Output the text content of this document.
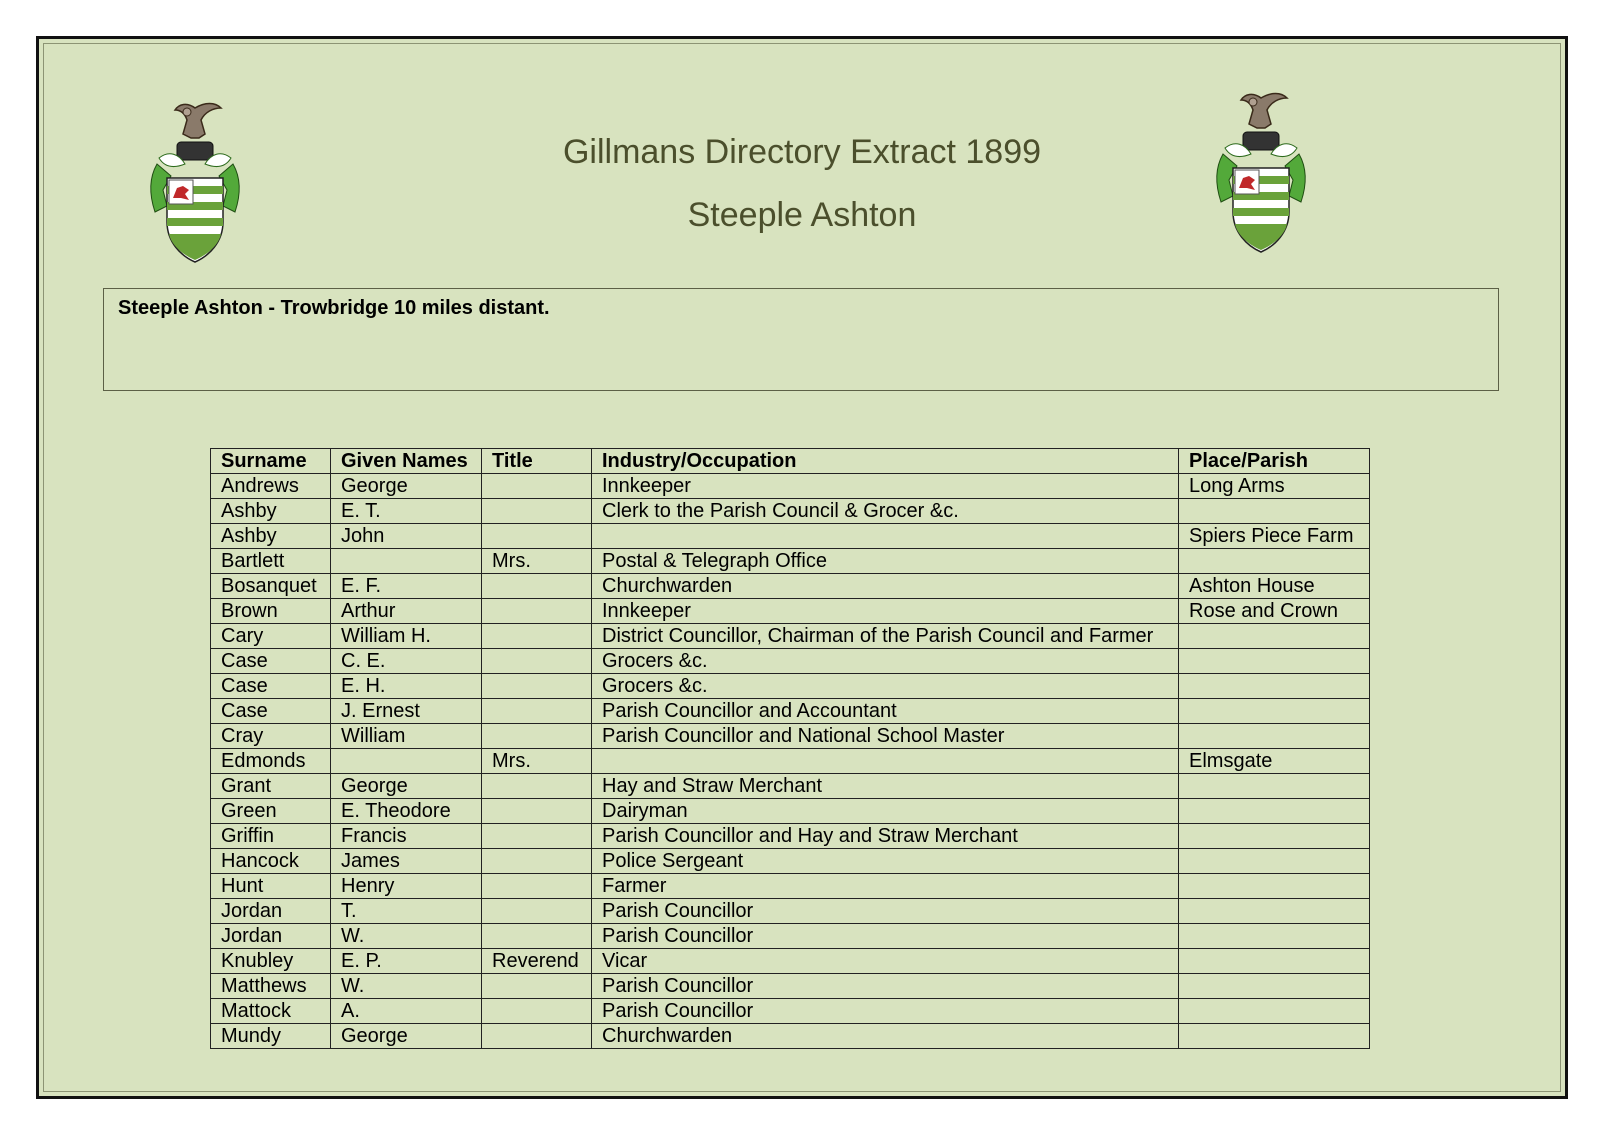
Gillmans Directory Extract 1899
Steeple Ashton
Steeple Ashton - Trowbridge 10 miles distant.
Surname	Given Names	Title	Industry/Occupation	Place/Parish
Andrews	George		Innkeeper	Long Arms
Ashby	E. T.		Clerk to the Parish Council & Grocer &c.	
Ashby	John			Spiers Piece Farm
Bartlett		Mrs.	Postal & Telegraph Office	
Bosanquet	E. F.		Churchwarden	Ashton House
Brown	Arthur		Innkeeper	Rose and Crown
Cary	William H.		District Councillor, Chairman of the Parish Council and Farmer	
Case	C. E.		Grocers &c.	
Case	E. H.		Grocers &c.	
Case	J. Ernest		Parish Councillor and Accountant	
Cray	William		Parish Councillor and National School Master	
Edmonds		Mrs.		Elmsgate
Grant	George		Hay and Straw Merchant	
Green	E. Theodore		Dairyman	
Griffin	Francis		Parish Councillor and Hay and Straw Merchant	
Hancock	James		Police Sergeant	
Hunt	Henry		Farmer	
Jordan	T.		Parish Councillor	
Jordan	W.		Parish Councillor	
Knubley	E. P.	Reverend	Vicar	
Matthews	W.		Parish Councillor	
Mattock	A.		Parish Councillor	
Mundy	George		Churchwarden	
